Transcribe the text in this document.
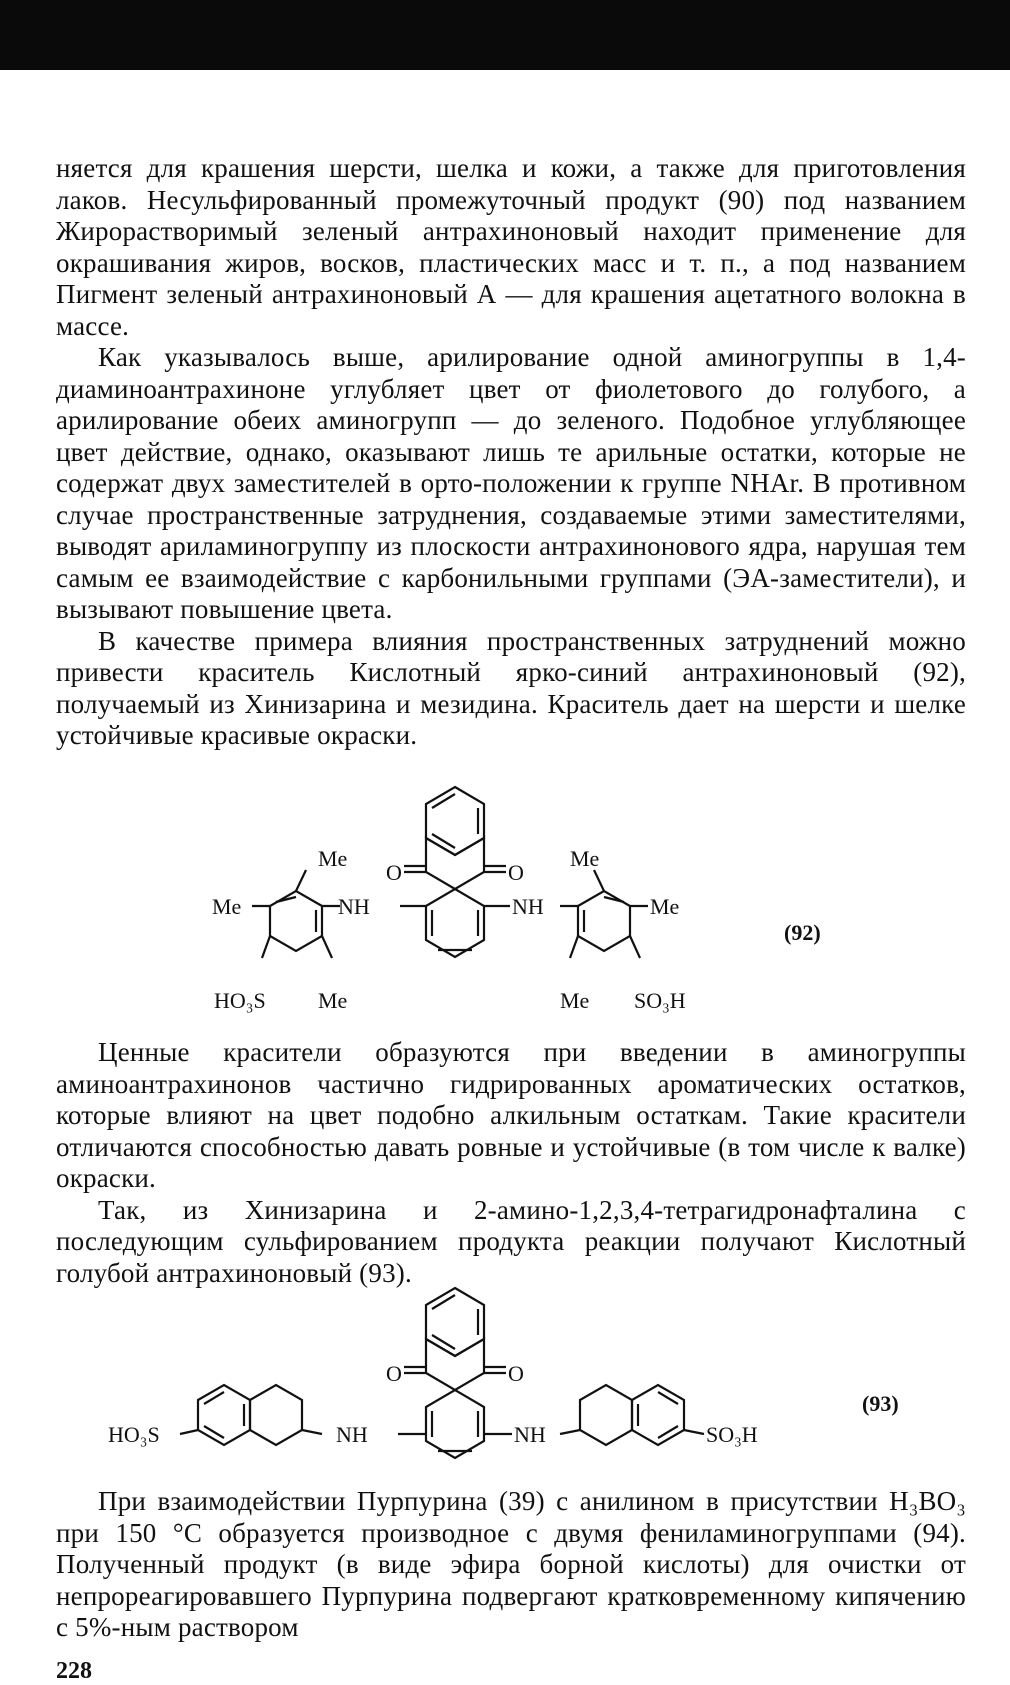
няется для крашения шерсти, шелка и кожи, а также для приготовления лаков. Несульфированный промежуточный продукт (90) под названием Жирорастворимый зеленый антрахиноновый находит применение для окрашивания жиров, восков, пластических масс и т. п., а под названием Пигмент зеленый антрахиноновый А — для крашения ацетатного волокна в массе.

Как указывалось выше, арилирование одной аминогруппы в 1,4-диаминоантрахиноне углубляет цвет от фиолетового до голубого, а арилирование обеих аминогрупп — до зеленого. Подобное углубляющее цвет действие, однако, оказывают лишь те арильные остатки, которые не содержат двух заместителей в орто-положении к группе NHAr. В противном случае пространственные затруднения, создаваемые этими заместителями, выводят ариламиногруппу из плоскости антрахинонового ядра, нарушая тем самым ее взаимодействие с карбонильными группами (ЭА-заместители), и вызывают повышение цвета.

В качестве примера влияния пространственных затруднений можно привести краситель Кислотный ярко-синий антрахиноновый (92), получаемый из Хинизарина и мезидина. Краситель дает на шерсти и шелке устойчивые красивые окраски.

O	O
NH	NH
Me
Me
Me
HO₃S
Me
Me
Me SO₃H
(92)

Ценные красители образуются при введении в аминогруппы аминоантрахинонов частично гидрированных ароматических остатков, которые влияют на цвет подобно алкильным остаткам. Такие красители отличаются способностью давать ровные и устойчивые (в том числе к валке) окраски.

Так, из Хинизарина и 2-амино-1,2,3,4-тетрагидронафталина с последующим сульфированием продукта реакции получают Кислотный голубой антрахиноновый (93).

O	O
NH	NH
HO₃S	SO₃H
(93)

При взаимодействии Пурпурина (39) с анилином в присутствии H₃BO₃ при 150 °С образуется производное с двумя фениламиногруппами (94). Полученный продукт (в виде эфира борной кислоты) для очистки от непрореагировавшего Пурпурина подвергают кратковременному кипячению с 5%-ным раствором

228
